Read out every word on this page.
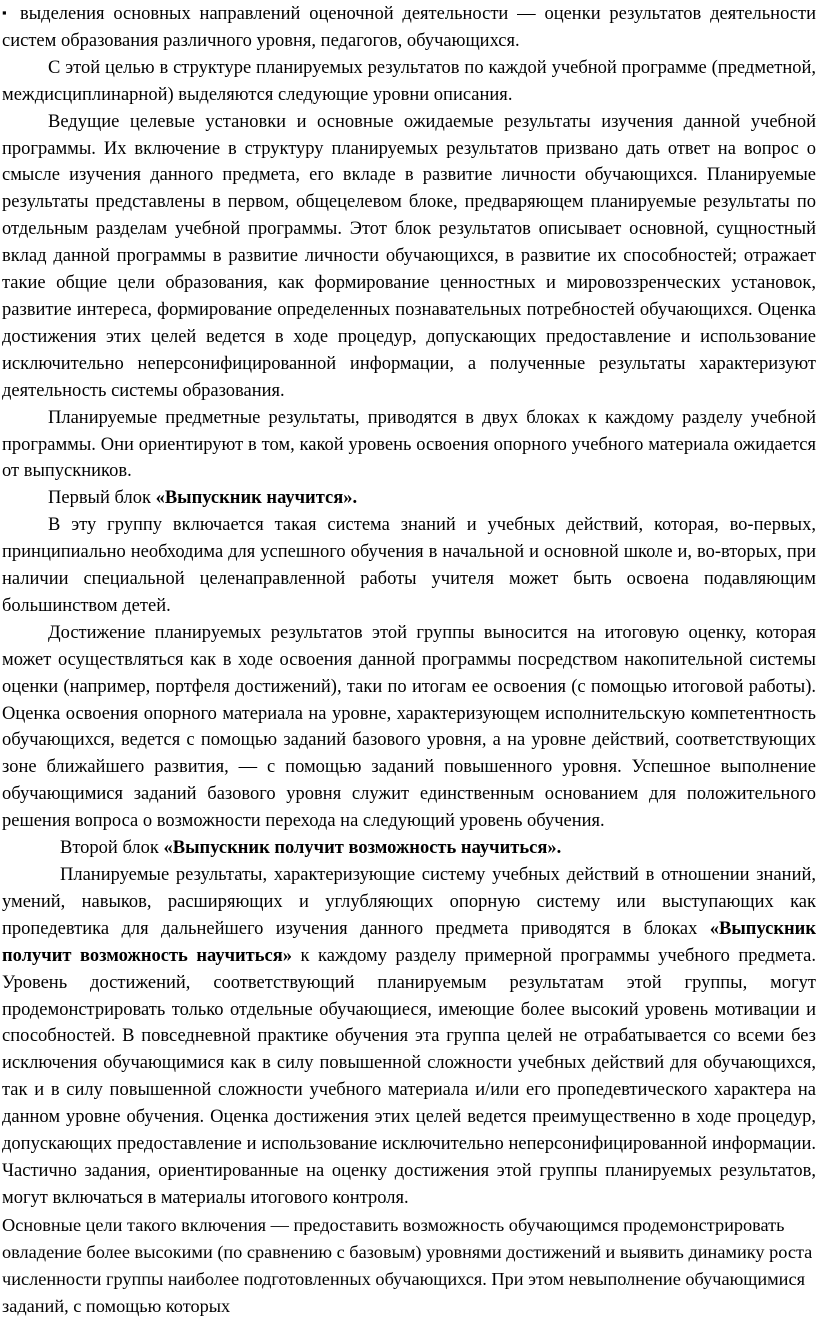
▪ выделения основных направлений оценочной деятельности — оценки результатов деятельности систем образования различного уровня, педагогов, обучающихся.

С этой целью в структуре планируемых результатов по каждой учебной программе (предметной, междисциплинарной) выделяются следующие уровни описания.

Ведущие целевые установки и основные ожидаемые результаты изучения данной учебной программы. Их включение в структуру планируемых результатов призвано дать ответ на вопрос о смысле изучения данного предмета, его вкладе в развитие личности обучающихся. Планируемые результаты представлены в первом, общецелевом блоке, предваряющем планируемые результаты по отдельным разделам учебной программы. Этот блок результатов описывает основной, сущностный вклад данной программы в развитие личности обучающихся, в развитие их способностей; отражает такие общие цели образования, как формирование ценностных и мировоззренческих установок, развитие интереса, формирование определенных познавательных потребностей обучающихся. Оценка достижения этих целей ведется в ходе процедур, допускающих предоставление и использование исключительно неперсонифицированной информации, а полученные результаты характеризуют деятельность системы образования.

Планируемые предметные результаты, приводятся в двух блоках к каждому разделу учебной программы. Они ориентируют в том, какой уровень освоения опорного учебного материала ожидается от выпускников.

Первый блок «Выпускник научится».

В эту группу включается такая система знаний и учебных действий, которая, во-первых, принципиально необходима для успешного обучения в начальной и основной школе и, во-вторых, при наличии специальной целенаправленной работы учителя может быть освоена подавляющим большинством детей.

Достижение планируемых результатов этой группы выносится на итоговую оценку, которая может осуществляться как в ходе освоения данной программы посредством накопительной системы оценки (например, портфеля достижений), таки по итогам ее освоения (с помощью итоговой работы). Оценка освоения опорного материала на уровне, характеризующем исполнительскую компетентность обучающихся, ведется с помощью заданий базового уровня, а на уровне действий, соответствующих зоне ближайшего развития, — с помощью заданий повышенного уровня. Успешное выполнение обучающимися заданий базового уровня служит единственным основанием для положительного решения вопроса о возможности перехода на следующий уровень обучения.

Второй блок «Выпускник получит возможность научиться».

Планируемые результаты, характеризующие систему учебных действий в отношении знаний, умений, навыков, расширяющих и углубляющих опорную систему или выступающих как пропедевтика для дальнейшего изучения данного предмета приводятся в блоках «Выпускник получит возможность научиться» к каждому разделу примерной программы учебного предмета. Уровень достижений, соответствующий планируемым результатам этой группы, могут продемонстрировать только отдельные обучающиеся, имеющие более высокий уровень мотивации и способностей. В повседневной практике обучения эта группа целей не отрабатывается со всеми без исключения обучающимися как в силу повышенной сложности учебных действий для обучающихся, так и в силу повышенной сложности учебного материала и/или его пропедевтического характера на данном уровне обучения. Оценка достижения этих целей ведется преимущественно в ходе процедур, допускающих предоставление и использование исключительно неперсонифицированной информации. Частично задания, ориентированные на оценку достижения этой группы планируемых результатов, могут включаться в материалы итогового контроля.

Основные цели такого включения — предоставить возможность обучающимся продемонстрировать овладение более высокими (по сравнению с базовым) уровнями достижений и выявить динамику роста численности группы наиболее подготовленных обучающихся. При этом невыполнение обучающимися заданий, с помощью которых
